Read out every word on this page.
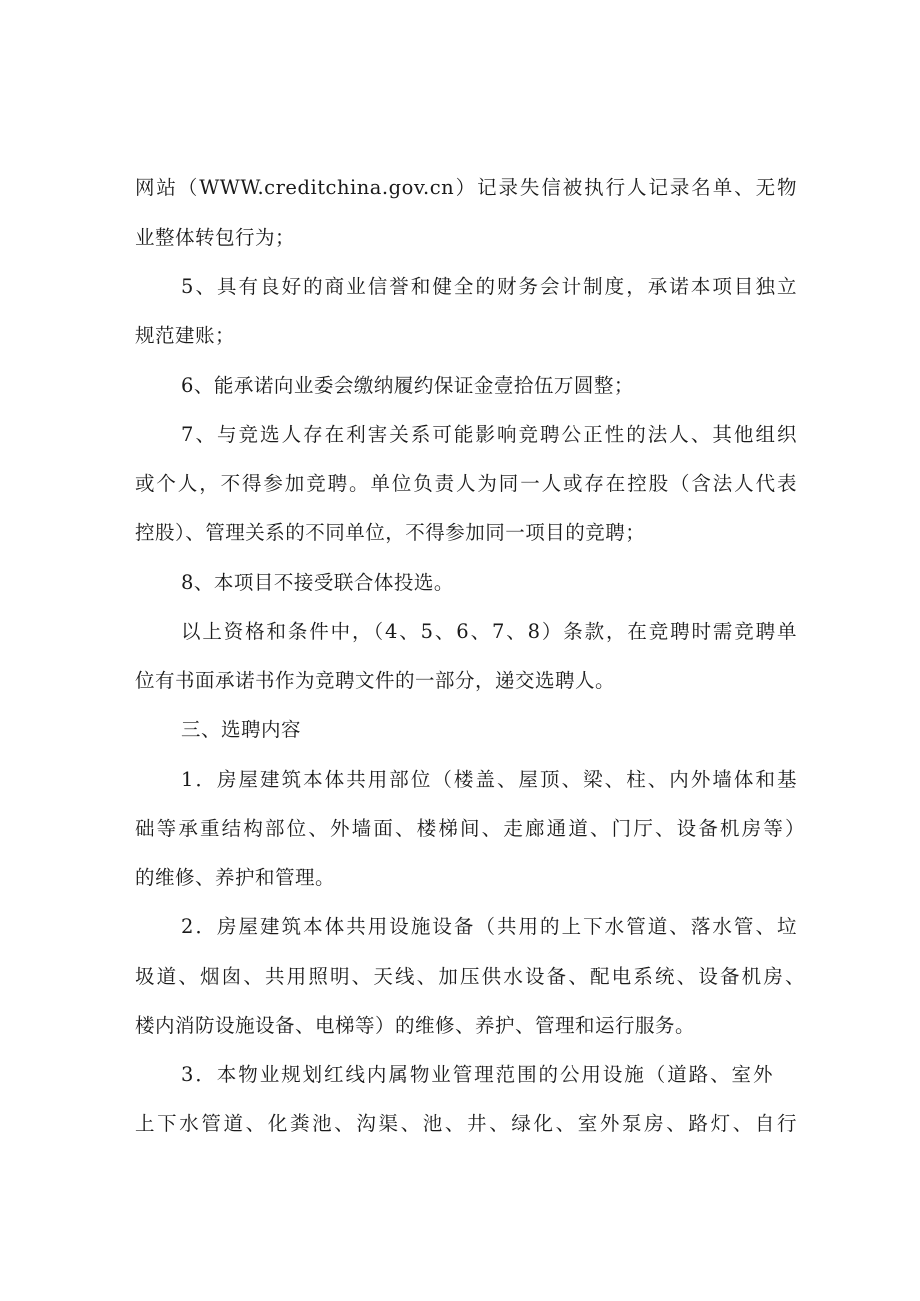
网站（WWW.creditchina.gov.cn）记录失信被执行人记录名单、无物
业整体转包行为；
5、具有良好的商业信誉和健全的财务会计制度，承诺本项目独立
规范建账；
6、能承诺向业委会缴纳履约保证金壹拾伍万圆整；
7、与竞选人存在利害关系可能影响竞聘公正性的法人、其他组织
或个人，不得参加竞聘。单位负责人为同一人或存在控股（含法人代表
控股）、管理关系的不同单位，不得参加同一项目的竞聘；
8、本项目不接受联合体投选。
以上资格和条件中，（4、5、6、7、8）条款，在竞聘时需竞聘单
位有书面承诺书作为竞聘文件的一部分，递交选聘人。
三、选聘内容
1．房屋建筑本体共用部位（楼盖、屋顶、梁、柱、内外墙体和基
础等承重结构部位、外墙面、楼梯间、走廊通道、门厅、设备机房等）
的维修、养护和管理。
2．房屋建筑本体共用设施设备（共用的上下水管道、落水管、垃
圾道、烟囱、共用照明、天线、加压供水设备、配电系统、设备机房、
楼内消防设施设备、电梯等）的维修、养护、管理和运行服务。
3．本物业规划红线内属物业管理范围的公用设施（道路、室外
上下水管道、化粪池、沟渠、池、井、绿化、室外泵房、路灯、自行
